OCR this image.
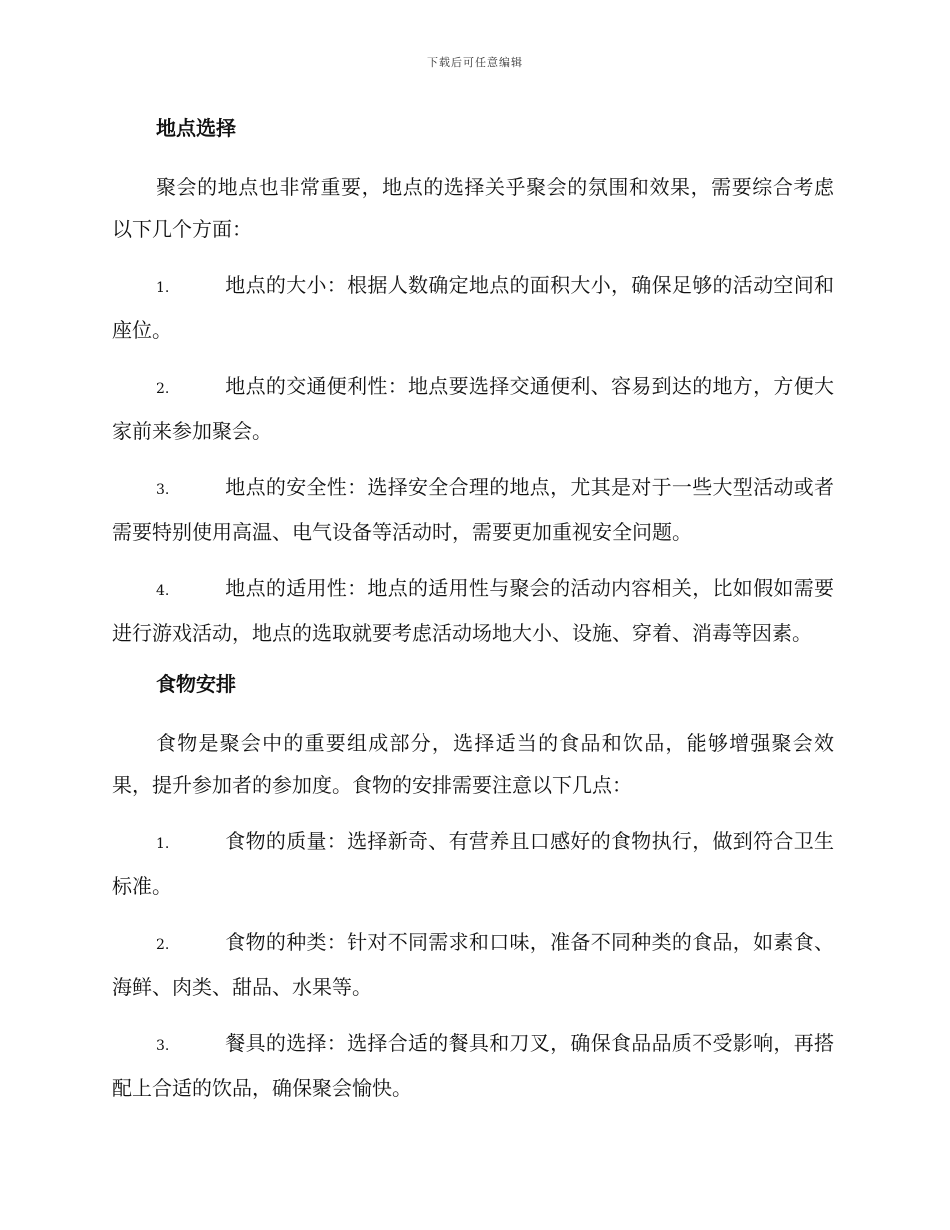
下载后可任意编辑
地点选择

聚会的地点也非常重要，地点的选择关乎聚会的氛围和效果，需要综合考虑以下几个方面：

1.	地点的大小：根据人数确定地点的面积大小，确保足够的活动空间和座位。

2.	地点的交通便利性：地点要选择交通便利、容易到达的地方，方便大家前来参加聚会。

3.	地点的安全性：选择安全合理的地点，尤其是对于一些大型活动或者需要特别使用高温、电气设备等活动时，需要更加重视安全问题。

4.	地点的适用性：地点的适用性与聚会的活动内容相关，比如假如需要进行游戏活动，地点的选取就要考虑活动场地大小、设施、穿着、消毒等因素。

食物安排

食物是聚会中的重要组成部分，选择适当的食品和饮品，能够增强聚会效果，提升参加者的参加度。食物的安排需要注意以下几点：

1.	食物的质量：选择新奇、有营养且口感好的食物执行，做到符合卫生标准。

2.	食物的种类：针对不同需求和口味，准备不同种类的食品，如素食、海鲜、肉类、甜品、水果等。

3.	餐具的选择：选择合适的餐具和刀叉，确保食品品质不受影响，再搭配上合适的饮品，确保聚会愉快。
